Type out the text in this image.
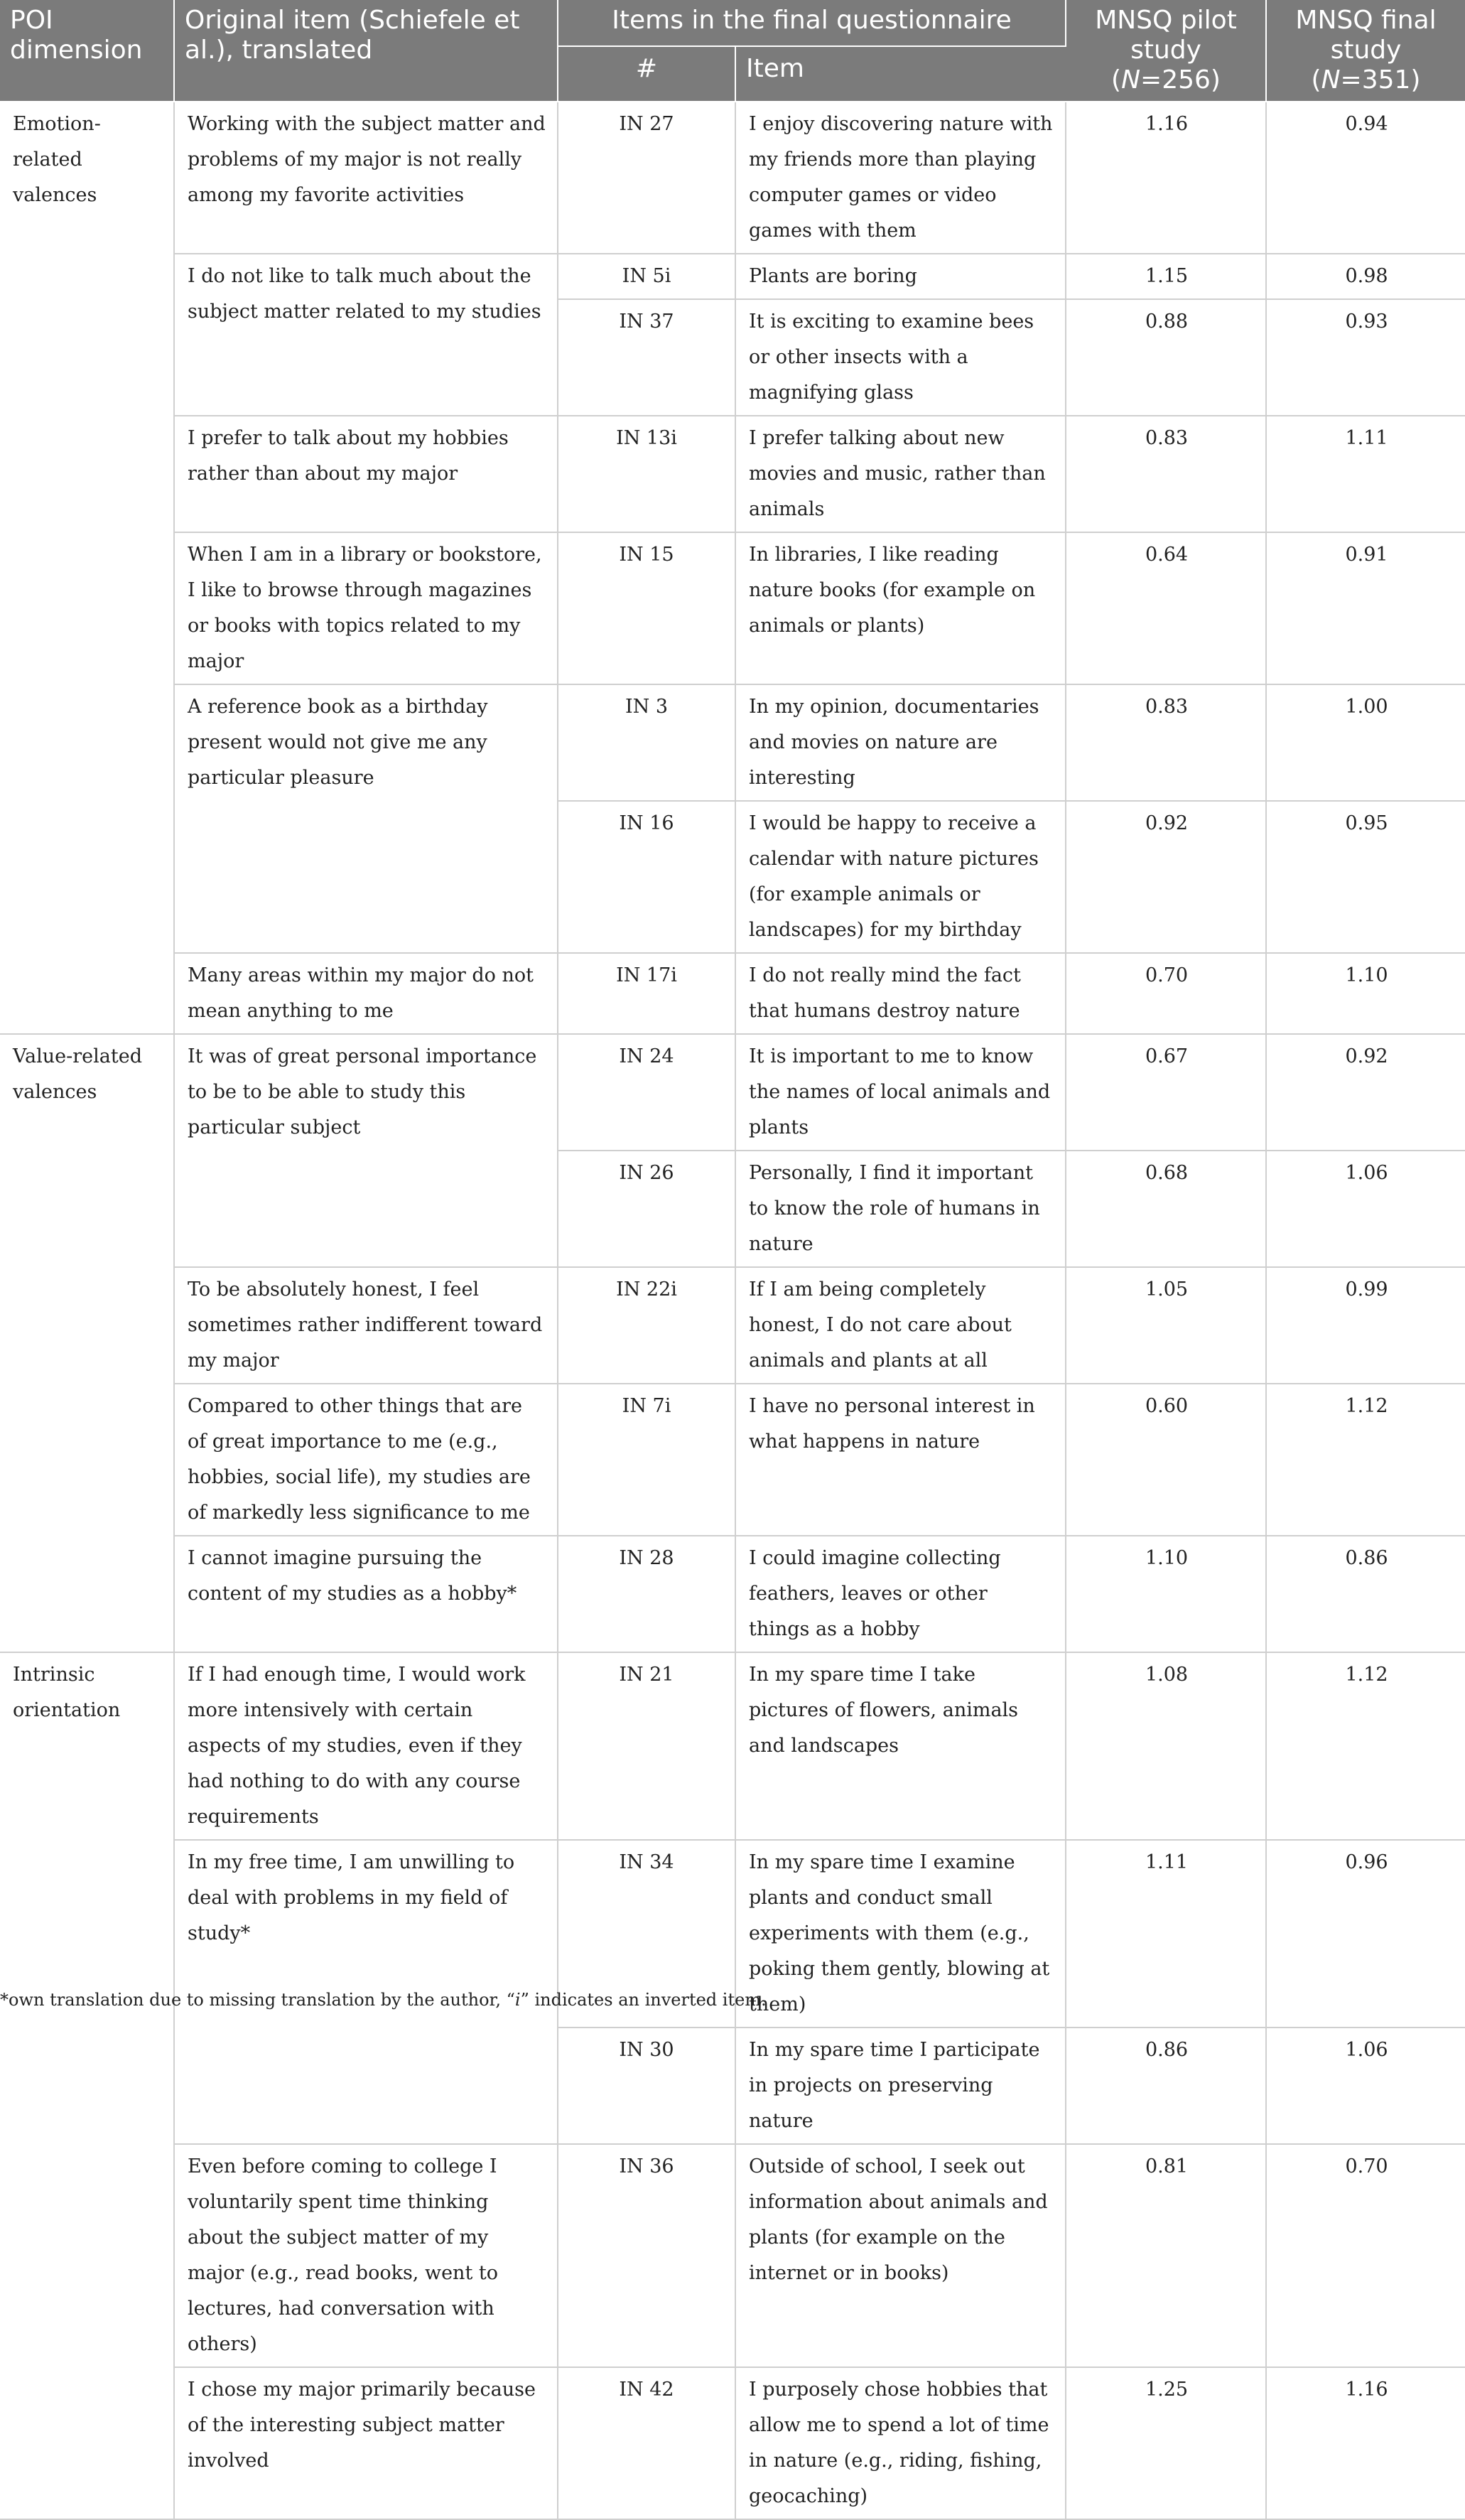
POI dimension	Original item (Schiefele et al.), translated	Items in the final questionnaire		MNSQ pilot study (N=256)	MNSQ final study (N=351)
		#	Item		
Emotion-related valences	Working with the subject matter and problems of my major is not really among my favorite activities	IN 27	I enjoy discovering nature with my friends more than playing computer games or video games with them	1.16	0.94
	I do not like to talk much about the subject matter related to my studies	IN 5i	Plants are boring	1.15	0.98
		IN 37	It is exciting to examine bees or other insects with a magnifying glass	0.88	0.93
	I prefer to talk about my hobbies rather than about my major	IN 13i	I prefer talking about new movies and music, rather than animals	0.83	1.11
	When I am in a library or bookstore, I like to browse through magazines or books with topics related to my major	IN 15	In libraries, I like reading nature books (for example on animals or plants)	0.64	0.91
	A reference book as a birthday present would not give me any particular pleasure	IN 3	In my opinion, documentaries and movies on nature are interesting	0.83	1.00
		IN 16	I would be happy to receive a calendar with nature pictures (for example animals or landscapes) for my birthday	0.92	0.95
	Many areas within my major do not mean anything to me	IN 17i	I do not really mind the fact that humans destroy nature	0.70	1.10
Value-related valences	It was of great personal importance to be to be able to study this particular subject	IN 24	It is important to me to know the names of local animals and plants	0.67	0.92
		IN 26	Personally, I find it important to know the role of humans in nature	0.68	1.06
	To be absolutely honest, I feel sometimes rather indifferent toward my major	IN 22i	If I am being completely honest, I do not care about animals and plants at all	1.05	0.99
	Compared to other things that are of great importance to me (e.g., hobbies, social life), my studies are of markedly less significance to me	IN 7i	I have no personal interest in what happens in nature	0.60	1.12
	I cannot imagine pursuing the content of my studies as a hobby*	IN 28	I could imagine collecting feathers, leaves or other things as a hobby	1.10	0.86
Intrinsic orientation	If I had enough time, I would work more intensively with certain aspects of my studies, even if they had nothing to do with any course requirements	IN 21	In my spare time I take pictures of flowers, animals and landscapes	1.08	1.12
	In my free time, I am unwilling to deal with problems in my field of study*	IN 34	In my spare time I examine plants and conduct small experiments with them (e.g., poking them gently, blowing at them)	1.11	0.96
		IN 30	In my spare time I participate in projects on preserving nature	0.86	1.06
	Even before coming to college I voluntarily spent time thinking about the subject matter of my major (e.g., read books, went to lectures, had conversation with others)	IN 36	Outside of school, I seek out information about animals and plants (for example on the internet or in books)	0.81	0.70
	I chose my major primarily because of the interesting subject matter involved	IN 42	I purposely chose hobbies that allow me to spend a lot of time in nature (e.g., riding, fishing, geocaching)	1.25	1.16
*own translation due to missing translation by the author, “i” indicates an inverted item.
